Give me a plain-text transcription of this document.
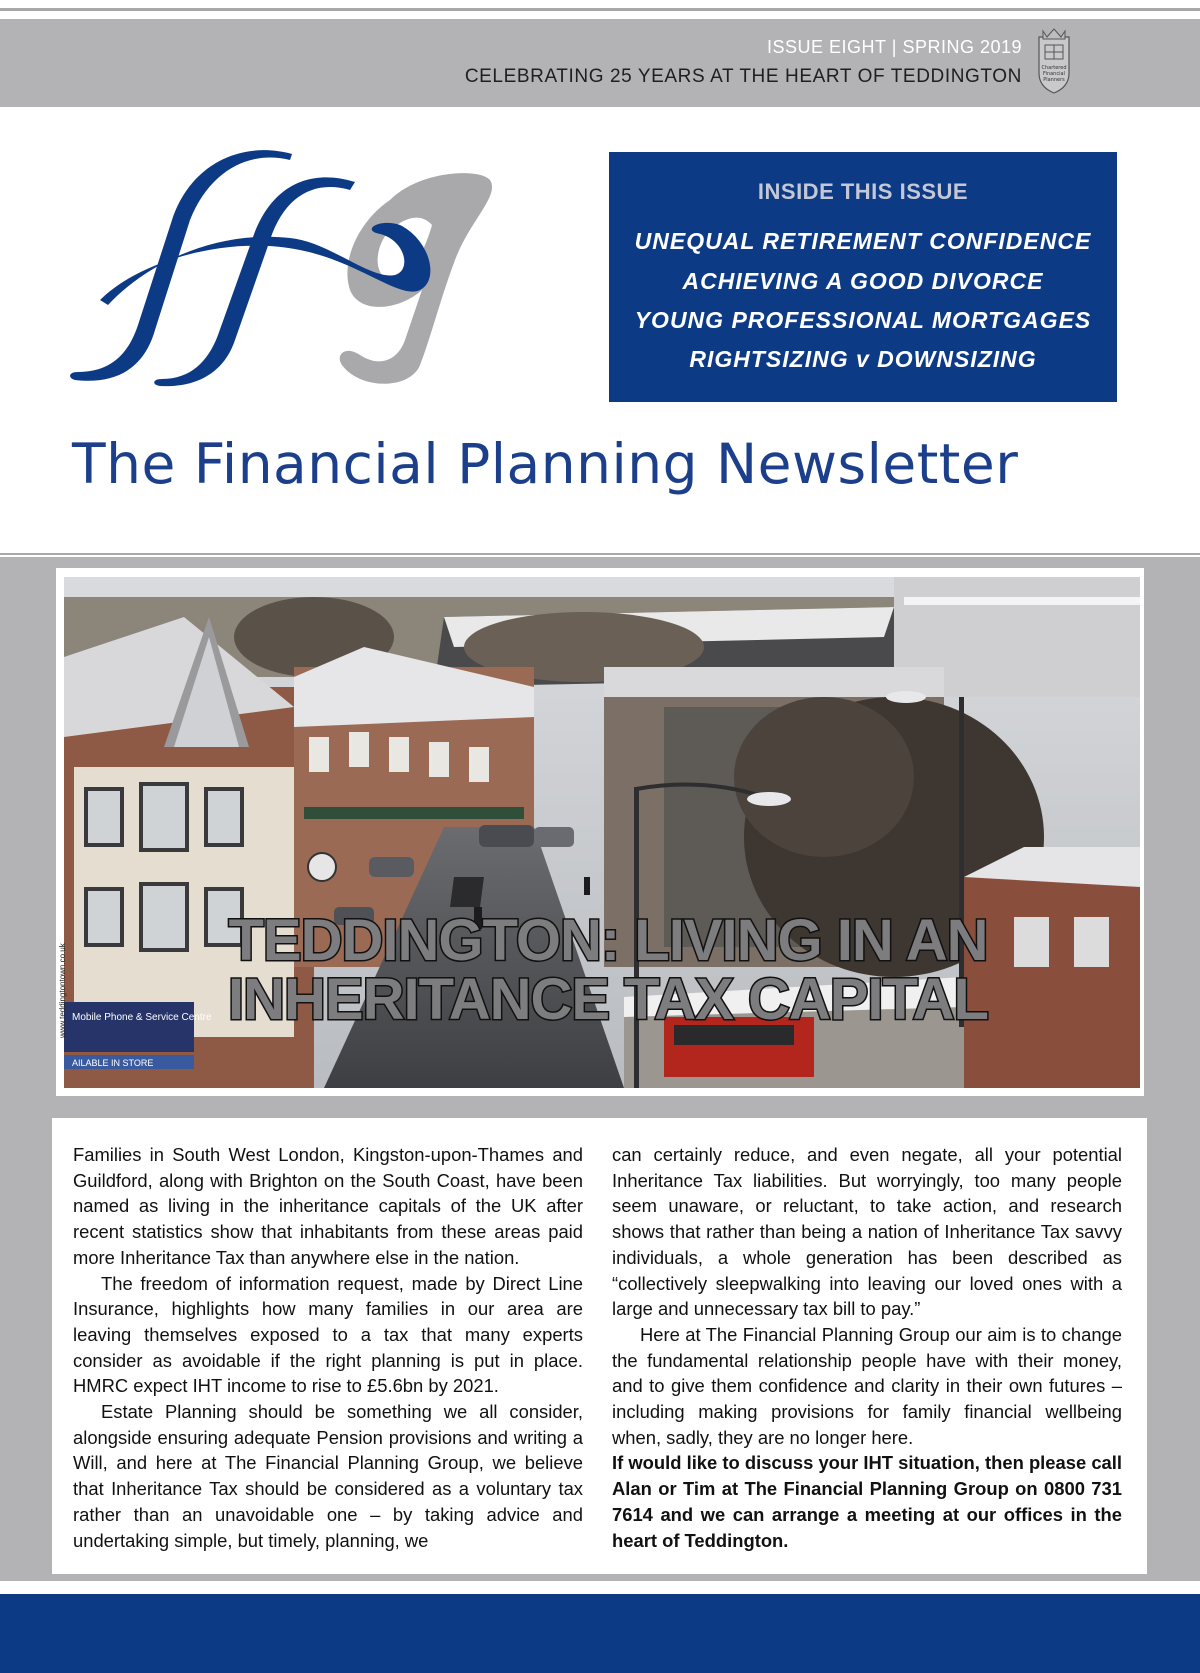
ISSUE EIGHT | SPRING 2019
CELEBRATING 25 YEARS AT THE HEART OF TEDDINGTON	Chartered
Financial
Planners
INSIDE THIS ISSUE
UNEQUAL RETIREMENT CONFIDENCE
ACHIEVING A GOOD DIVORCE
YOUNG PROFESSIONAL MORTGAGES
RIGHTSIZING v DOWNSIZING
The Financial Planning Newsletter
Mobile Phone & Service Centre
AILABLE IN STORE
TEDDINGTON: LIVING IN AN
INHERITANCE TAX CAPITAL
www.teddingtontown.co.uk

Families in South West London, Kingston-upon-Thames and Guildford, along with Brighton on the South Coast, have been named as living in the inheritance capitals of the UK after recent statistics show that inhabitants from these areas paid more Inheritance Tax than anywhere else in the nation.

The freedom of information request, made by Direct Line Insurance, highlights how many families in our area are leaving themselves exposed to a tax that many experts consider as avoidable if the right planning is put in place. HMRC expect IHT income to rise to £5.6bn by 2021.

Estate Planning should be something we all consider, alongside ensuring adequate Pension provisions and writing a Will, and here at The Financial Planning Group, we believe that Inheritance Tax should be considered as a voluntary tax rather than an unavoidable one – by taking advice and undertaking simple, but timely, planning, we

can certainly reduce, and even negate, all your potential Inheritance Tax liabilities. But worryingly, too many people seem unaware, or reluctant, to take action, and research shows that rather than being a nation of Inheritance Tax savvy individuals, a whole generation has been described as “collectively sleepwalking into leaving our loved ones with a large and unnecessary tax bill to pay.”

Here at The Financial Planning Group our aim is to change the fundamental relationship people have with their money, and to give them confidence and clarity in their own futures – including making provisions for family financial wellbeing when, sadly, they are no longer here.

If would like to discuss your IHT situation, then please call Alan or Tim at The Financial Planning Group on 0800 731 7614 and we can arrange a meeting at our offices in the heart of Teddington.
